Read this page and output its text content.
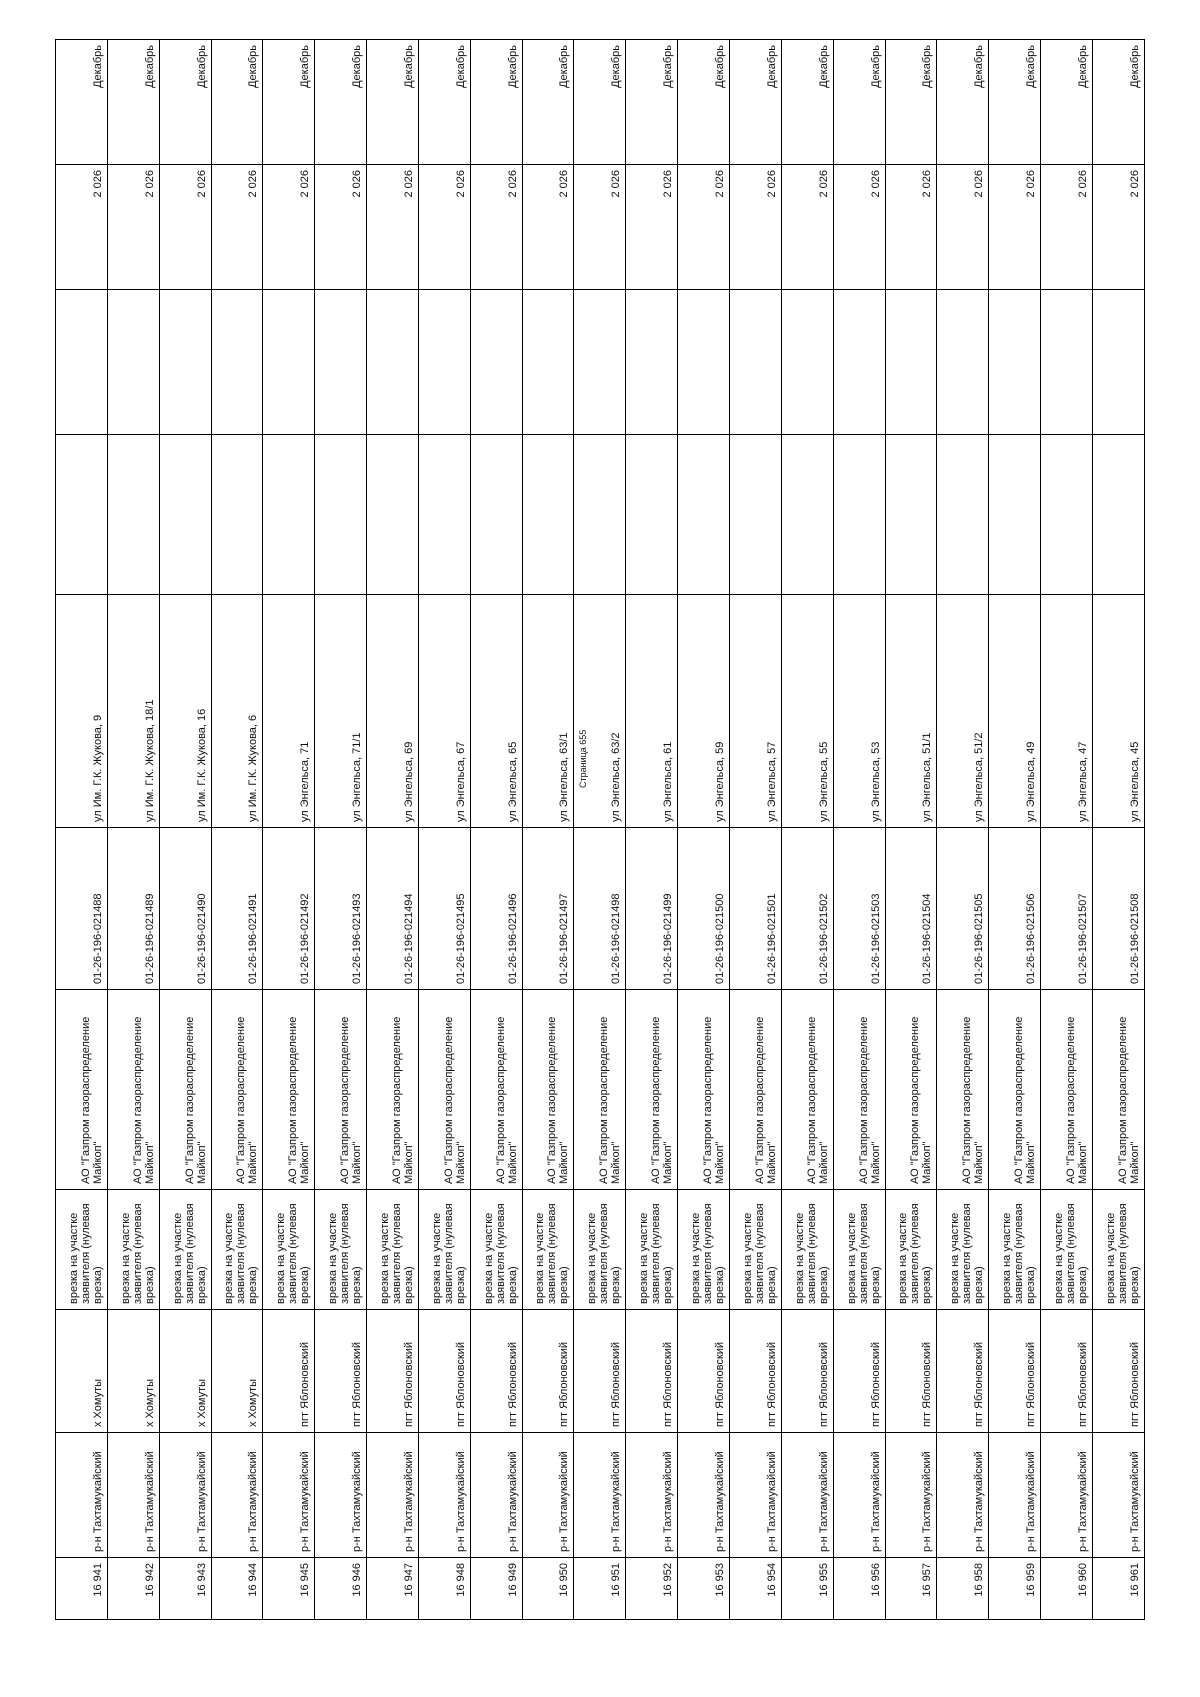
16 941	р-н Тахтамукайский	х Хомуты	врезка на участке заявителя (нулевая врезка)	АО "Газпром газораспределение Майкоп"	01-26-196-021488	ул Им. Г.К. Жукова, 9			2 026	Декабрь
16 942	р-н Тахтамукайский	х Хомуты	врезка на участке заявителя (нулевая врезка)	АО "Газпром газораспределение Майкоп"	01-26-196-021489	ул Им. Г.К. Жукова, 18/1			2 026	Декабрь
16 943	р-н Тахтамукайский	х Хомуты	врезка на участке заявителя (нулевая врезка)	АО "Газпром газораспределение Майкоп"	01-26-196-021490	ул Им. Г.К. Жукова, 16			2 026	Декабрь
16 944	р-н Тахтамукайский	х Хомуты	врезка на участке заявителя (нулевая врезка)	АО "Газпром газораспределение Майкоп"	01-26-196-021491	ул Им. Г.К. Жукова, 6			2 026	Декабрь
16 945	р-н Тахтамукайский	пгт Яблоновский	врезка на участке заявителя (нулевая врезка)	АО "Газпром газораспределение Майкоп"	01-26-196-021492	ул Энгельса, 71			2 026	Декабрь
16 946	р-н Тахтамукайский	пгт Яблоновский	врезка на участке заявителя (нулевая врезка)	АО "Газпром газораспределение Майкоп"	01-26-196-021493	ул Энгельса, 71/1			2 026	Декабрь
16 947	р-н Тахтамукайский	пгт Яблоновский	врезка на участке заявителя (нулевая врезка)	АО "Газпром газораспределение Майкоп"	01-26-196-021494	ул Энгельса, 69			2 026	Декабрь
16 948	р-н Тахтамукайский	пгт Яблоновский	врезка на участке заявителя (нулевая врезка)	АО "Газпром газораспределение Майкоп"	01-26-196-021495	ул Энгельса, 67			2 026	Декабрь
16 949	р-н Тахтамукайский	пгт Яблоновский	врезка на участке заявителя (нулевая врезка)	АО "Газпром газораспределение Майкоп"	01-26-196-021496	ул Энгельса, 65			2 026	Декабрь
16 950	р-н Тахтамукайский	пгт Яблоновский	врезка на участке заявителя (нулевая врезка)	АО "Газпром газораспределение Майкоп"	01-26-196-021497	ул Энгельса, 63/1			2 026	Декабрь
16 951	р-н Тахтамукайский	пгт Яблоновский	врезка на участке заявителя (нулевая врезка)	АО "Газпром газораспределение Майкоп"	01-26-196-021498	ул Энгельса, 63/2			2 026	Декабрь
16 952	р-н Тахтамукайский	пгт Яблоновский	врезка на участке заявителя (нулевая врезка)	АО "Газпром газораспределение Майкоп"	01-26-196-021499	ул Энгельса, 61			2 026	Декабрь
16 953	р-н Тахтамукайский	пгт Яблоновский	врезка на участке заявителя (нулевая врезка)	АО "Газпром газораспределение Майкоп"	01-26-196-021500	ул Энгельса, 59			2 026	Декабрь
16 954	р-н Тахтамукайский	пгт Яблоновский	врезка на участке заявителя (нулевая врезка)	АО "Газпром газораспределение Майкоп"	01-26-196-021501	ул Энгельса, 57			2 026	Декабрь
16 955	р-н Тахтамукайский	пгт Яблоновский	врезка на участке заявителя (нулевая врезка)	АО "Газпром газораспределение Майкоп"	01-26-196-021502	ул Энгельса, 55			2 026	Декабрь
16 956	р-н Тахтамукайский	пгт Яблоновский	врезка на участке заявителя (нулевая врезка)	АО "Газпром газораспределение Майкоп"	01-26-196-021503	ул Энгельса, 53			2 026	Декабрь
16 957	р-н Тахтамукайский	пгт Яблоновский	врезка на участке заявителя (нулевая врезка)	АО "Газпром газораспределение Майкоп"	01-26-196-021504	ул Энгельса, 51/1			2 026	Декабрь
16 958	р-н Тахтамукайский	пгт Яблоновский	врезка на участке заявителя (нулевая врезка)	АО "Газпром газораспределение Майкоп"	01-26-196-021505	ул Энгельса, 51/2			2 026	Декабрь
16 959	р-н Тахтамукайский	пгт Яблоновский	врезка на участке заявителя (нулевая врезка)	АО "Газпром газораспределение Майкоп"	01-26-196-021506	ул Энгельса, 49			2 026	Декабрь
16 960	р-н Тахтамукайский	пгт Яблоновский	врезка на участке заявителя (нулевая врезка)	АО "Газпром газораспределение Майкоп"	01-26-196-021507	ул Энгельса, 47			2 026	Декабрь
16 961	р-н Тахтамукайский	пгт Яблоновский	врезка на участке заявителя (нулевая врезка)	АО "Газпром газораспределение Майкоп"	01-26-196-021508	ул Энгельса, 45			2 026	Декабрь
Страница 655
